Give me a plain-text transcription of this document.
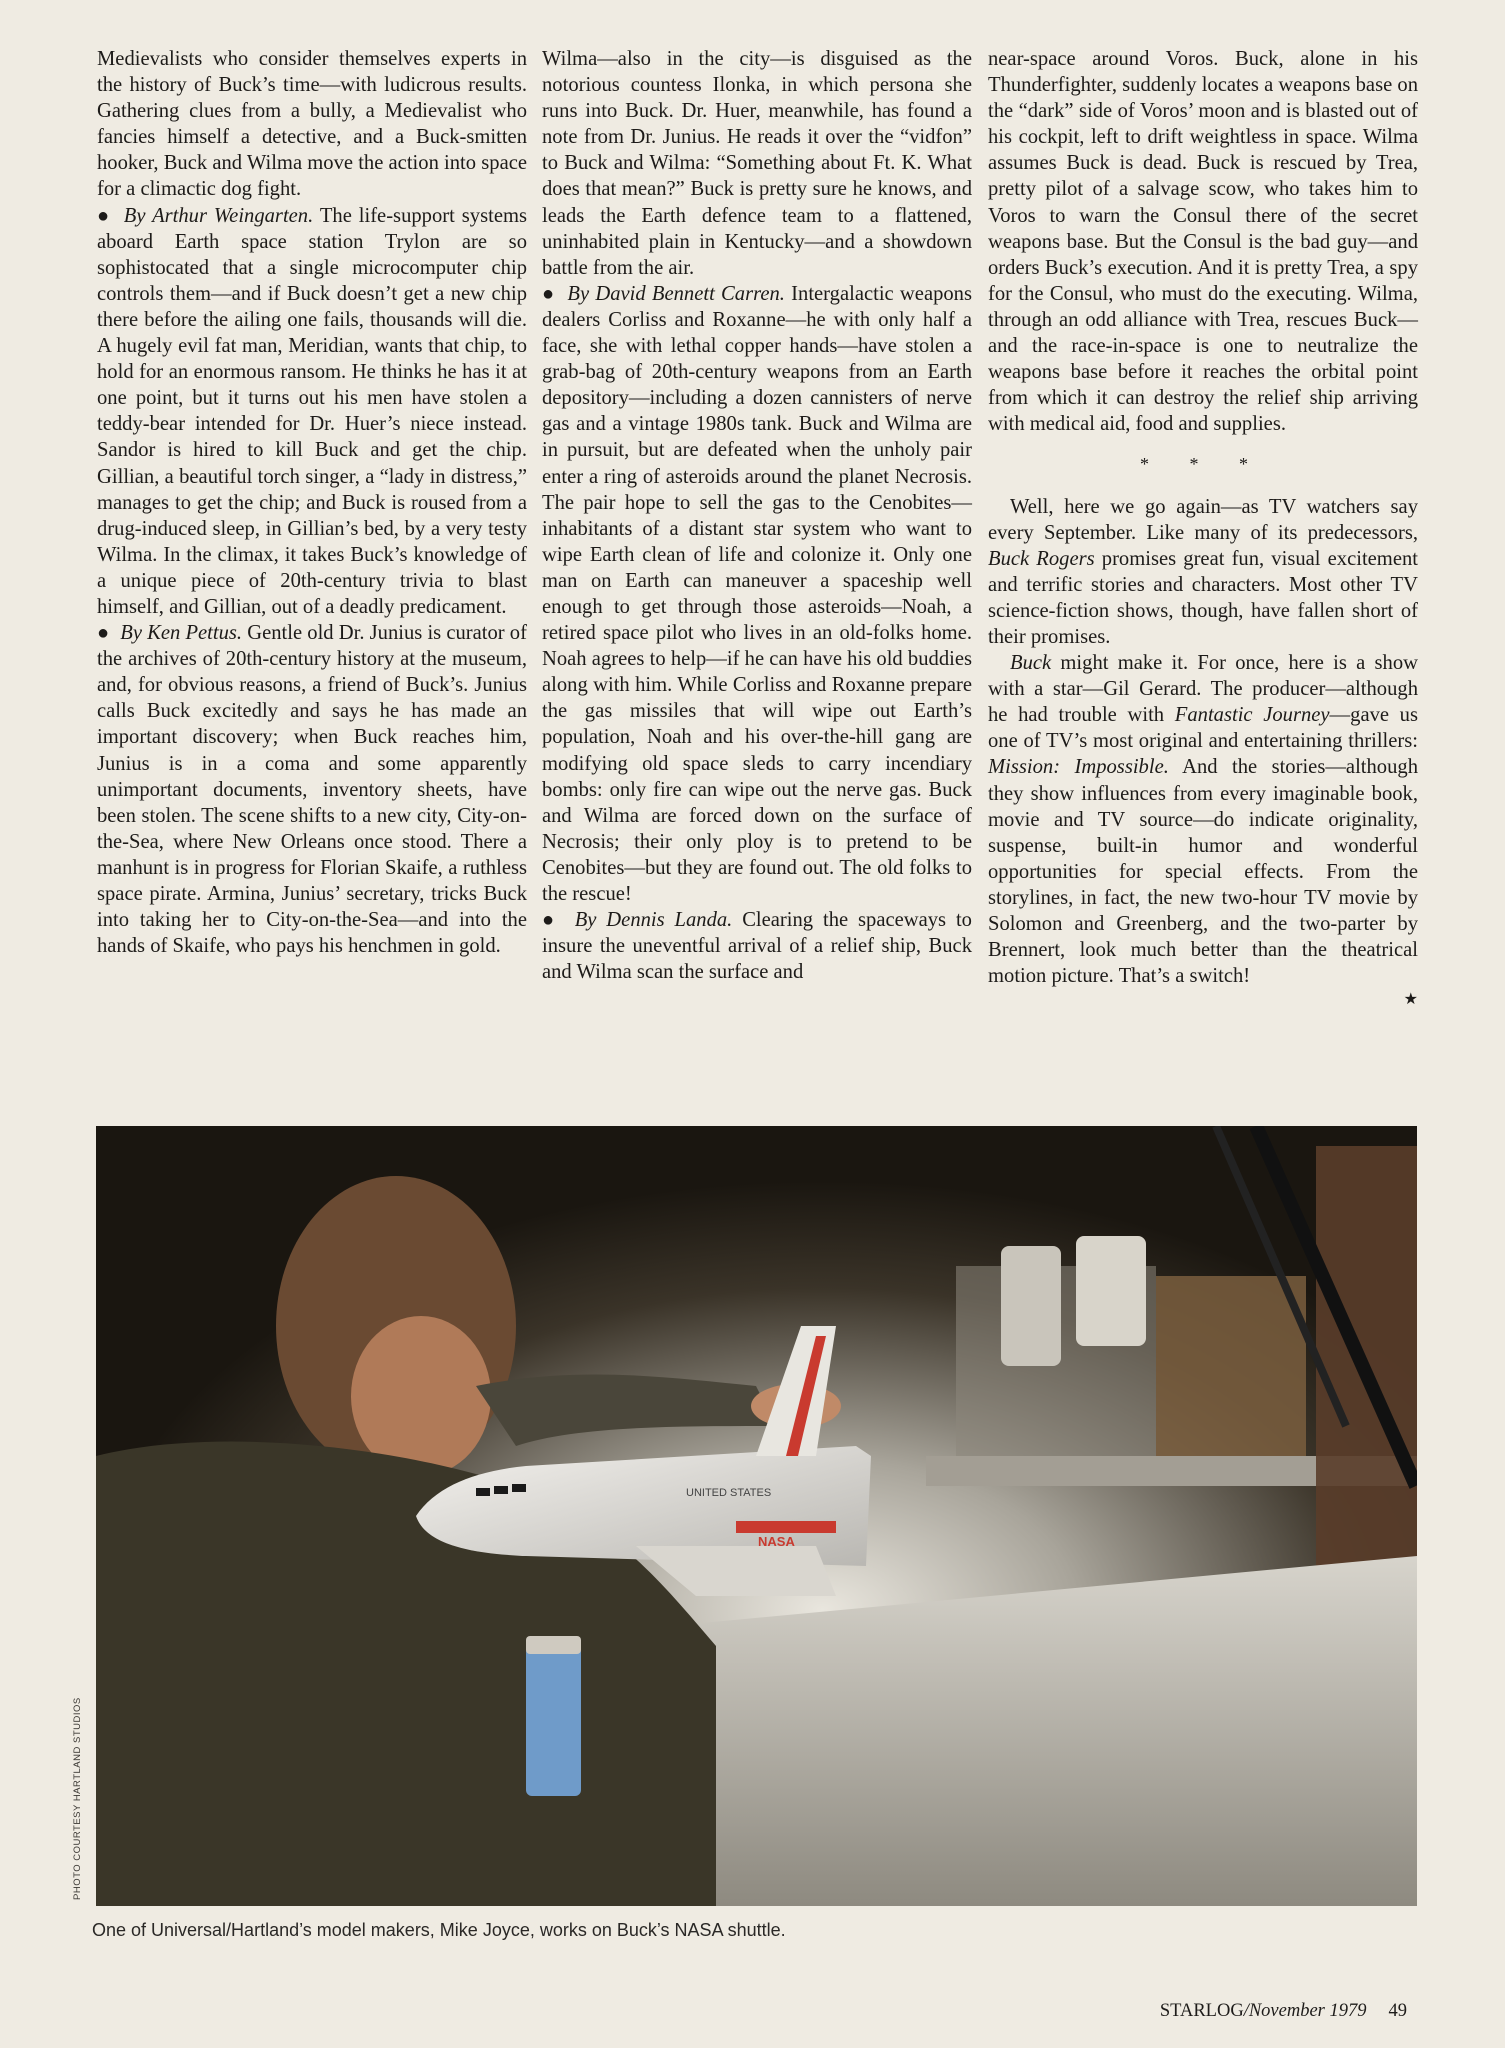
Medievalists who consider themselves experts in the history of Buck’s time—with ludicrous results. Gathering clues from a bully, a Medievalist who fancies himself a detective, and a Buck-smitten hooker, Buck and Wilma move the action into space for a climactic dog fight.

● By Arthur Weingarten. The life-support systems aboard Earth space station Trylon are so sophistocated that a single microcomputer chip controls them—and if Buck doesn’t get a new chip there before the ailing one fails, thousands will die. A hugely evil fat man, Meridian, wants that chip, to hold for an enormous ransom. He thinks he has it at one point, but it turns out his men have stolen a teddy-bear intended for Dr. Huer’s niece instead. Sandor is hired to kill Buck and get the chip. Gillian, a beautiful torch singer, a “lady in distress,” manages to get the chip; and Buck is roused from a drug-induced sleep, in Gillian’s bed, by a very testy Wilma. In the climax, it takes Buck’s knowledge of a unique piece of 20th-century trivia to blast himself, and Gillian, out of a deadly predicament.

● By Ken Pettus. Gentle old Dr. Junius is curator of the archives of 20th-century history at the museum, and, for obvious reasons, a friend of Buck’s. Junius calls Buck excitedly and says he has made an important discovery; when Buck reaches him, Junius is in a coma and some apparently unimportant documents, inventory sheets, have been stolen. The scene shifts to a new city, City-on-the-Sea, where New Orleans once stood. There a manhunt is in progress for Florian Skaife, a ruthless space pirate. Armina, Junius’ secretary, tricks Buck into taking her to City-on-the-Sea—and into the hands of Skaife, who pays his henchmen in gold.

Wilma—also in the city—is disguised as the notorious countess Ilonka, in which persona she runs into Buck. Dr. Huer, meanwhile, has found a note from Dr. Junius. He reads it over the “vidfon” to Buck and Wilma: “Something about Ft. K. What does that mean?” Buck is pretty sure he knows, and leads the Earth defence team to a flattened, uninhabited plain in Kentucky—and a showdown battle from the air.

● By David Bennett Carren. Intergalactic weapons dealers Corliss and Roxanne—he with only half a face, she with lethal copper hands—have stolen a grab-bag of 20th-century weapons from an Earth depository—including a dozen cannisters of nerve gas and a vintage 1980s tank. Buck and Wilma are in pursuit, but are defeated when the unholy pair enter a ring of asteroids around the planet Necrosis. The pair hope to sell the gas to the Cenobites—inhabitants of a distant star system who want to wipe Earth clean of life and colonize it. Only one man on Earth can maneuver a spaceship well enough to get through those asteroids—Noah, a retired space pilot who lives in an old-folks home. Noah agrees to help—if he can have his old buddies along with him. While Corliss and Roxanne prepare the gas missiles that will wipe out Earth’s population, Noah and his over-the-hill gang are modifying old space sleds to carry incendiary bombs: only fire can wipe out the nerve gas. Buck and Wilma are forced down on the surface of Necrosis; their only ploy is to pretend to be Cenobites—but they are found out. The old folks to the rescue!

● By Dennis Landa. Clearing the spaceways to insure the uneventful arrival of a relief ship, Buck and Wilma scan the surface and

near-space around Voros. Buck, alone in his Thunderfighter, suddenly locates a weapons base on the “dark” side of Voros’ moon and is blasted out of his cockpit, left to drift weightless in space. Wilma assumes Buck is dead. Buck is rescued by Trea, pretty pilot of a salvage scow, who takes him to Voros to warn the Consul there of the secret weapons base. But the Consul is the bad guy—and orders Buck’s execution. And it is pretty Trea, a spy for the Consul, who must do the executing. Wilma, through an odd alliance with Trea, rescues Buck—and the race-in-space is one to neutralize the weapons base before it reaches the orbital point from which it can destroy the relief ship arriving with medical aid, food and supplies.

* * *

Well, here we go again—as TV watchers say every September. Like many of its predecessors, Buck Rogers promises great fun, visual excitement and terrific stories and characters. Most other TV science-fiction shows, though, have fallen short of their promises.

Buck might make it. For once, here is a show with a star—Gil Gerard. The producer—although he had trouble with Fantastic Journey—gave us one of TV’s most original and entertaining thrillers: Mission: Impossible. And the stories—although they show influences from every imaginable book, movie and TV source—do indicate originality, suspense, built-in humor and wonderful opportunities for special effects. From the storylines, in fact, the new two-hour TV movie by Solomon and Greenberg, and the two-parter by Brennert, look much better than the theatrical motion picture. That’s a switch!

★
UNITED STATES
NASA
PHOTO COURTESY HARTLAND STUDIOS
One of Universal/Hartland’s model makers, Mike Joyce, works on Buck’s NASA shuttle.
STARLOG/November 1979 49
